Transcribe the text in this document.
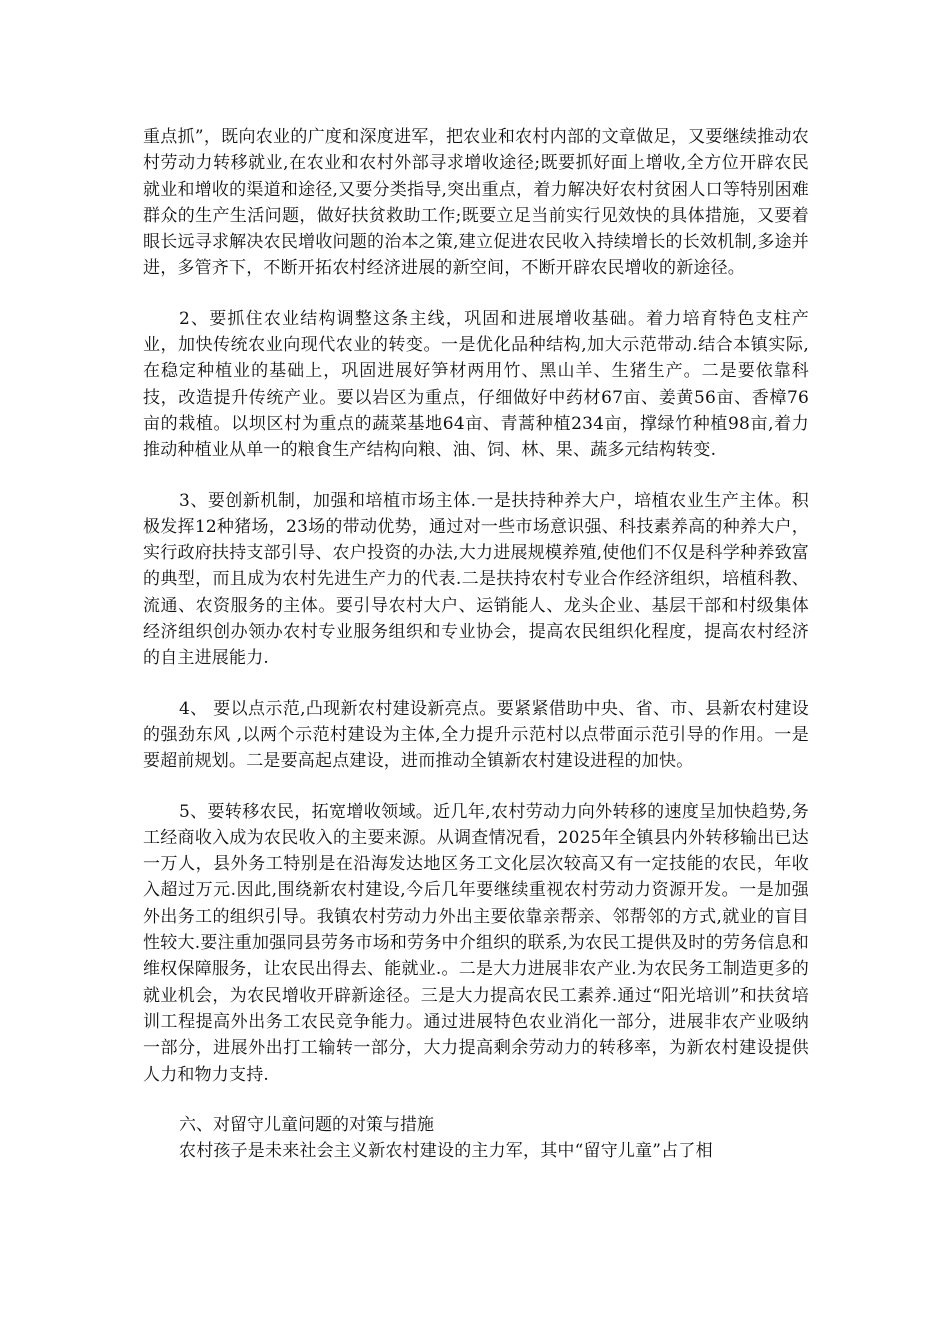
重点抓”，既向农业的广度和深度进军，把农业和农村内部的文章做足，又要继续推动农村劳动力转移就业,在农业和农村外部寻求增收途径;既要抓好面上增收,全方位开辟农民就业和增收的渠道和途径,又要分类指导,突出重点，着力解决好农村贫困人口等特别困难群众的生产生活问题，做好扶贫救助工作;既要立足当前实行见效快的具体措施，又要着眼长远寻求解决农民增收问题的治本之策,建立促进农民收入持续增长的长效机制,多途并进，多管齐下，不断开拓农村经济进展的新空间，不断开辟农民增收的新途径。

2、要抓住农业结构调整这条主线，巩固和进展增收基础。着力培育特色支柱产业，加快传统农业向现代农业的转变。一是优化品种结构,加大示范带动.结合本镇实际,在稳定种植业的基础上，巩固进展好笋材两用竹、黑山羊、生猪生产。二是要依靠科技，改造提升传统产业。要以岩区为重点，仔细做好中药材67亩、姜黄56亩、香樟76亩的栽植。以坝区村为重点的蔬菜基地64亩、青蒿种植234亩，撑绿竹种植98亩,着力推动种植业从单一的粮食生产结构向粮、油、饲、林、果、蔬多元结构转变.

3、要创新机制，加强和培植市场主体.一是扶持种养大户，培植农业生产主体。积极发挥12种猪场，23场的带动优势，通过对一些市场意识强、科技素养高的种养大户，实行政府扶持支部引导、农户投资的办法,大力进展规模养殖,使他们不仅是科学种养致富的典型，而且成为农村先进生产力的代表.二是扶持农村专业合作经济组织，培植科教、流通、农资服务的主体。要引导农村大户、运销能人、龙头企业、基层干部和村级集体经济组织创办领办农村专业服务组织和专业协会，提高农民组织化程度，提高农村经济的自主进展能力.

4、 要以点示范,凸现新农村建设新亮点。要紧紧借助中央、省、市、县新农村建设的强劲东风 ,以两个示范村建设为主体,全力提升示范村以点带面示范引导的作用。一是要超前规划。二是要高起点建设，进而推动全镇新农村建设进程的加快。

5、要转移农民，拓宽增收领域。近几年,农村劳动力向外转移的速度呈加快趋势,务工经商收入成为农民收入的主要来源。从调查情况看，2025年全镇县内外转移输出已达一万人，县外务工特别是在沿海发达地区务工文化层次较高又有一定技能的农民，年收入超过万元.因此,围绕新农村建设,今后几年要继续重视农村劳动力资源开发。一是加强外出务工的组织引导。我镇农村劳动力外出主要依靠亲帮亲、邻帮邻的方式,就业的盲目性较大.要注重加强同县劳务市场和劳务中介组织的联系,为农民工提供及时的劳务信息和维权保障服务，让农民出得去、能就业.。二是大力进展非农产业.为农民务工制造更多的就业机会，为农民增收开辟新途径。三是大力提高农民工素养.通过“阳光培训”和扶贫培训工程提高外出务工农民竞争能力。通过进展特色农业消化一部分，进展非农产业吸纳一部分，进展外出打工输转一部分，大力提高剩余劳动力的转移率，为新农村建设提供人力和物力支持.

六、对留守儿童问题的对策与措施

农村孩子是未来社会主义新农村建设的主力军，其中“留守儿童”占了相
